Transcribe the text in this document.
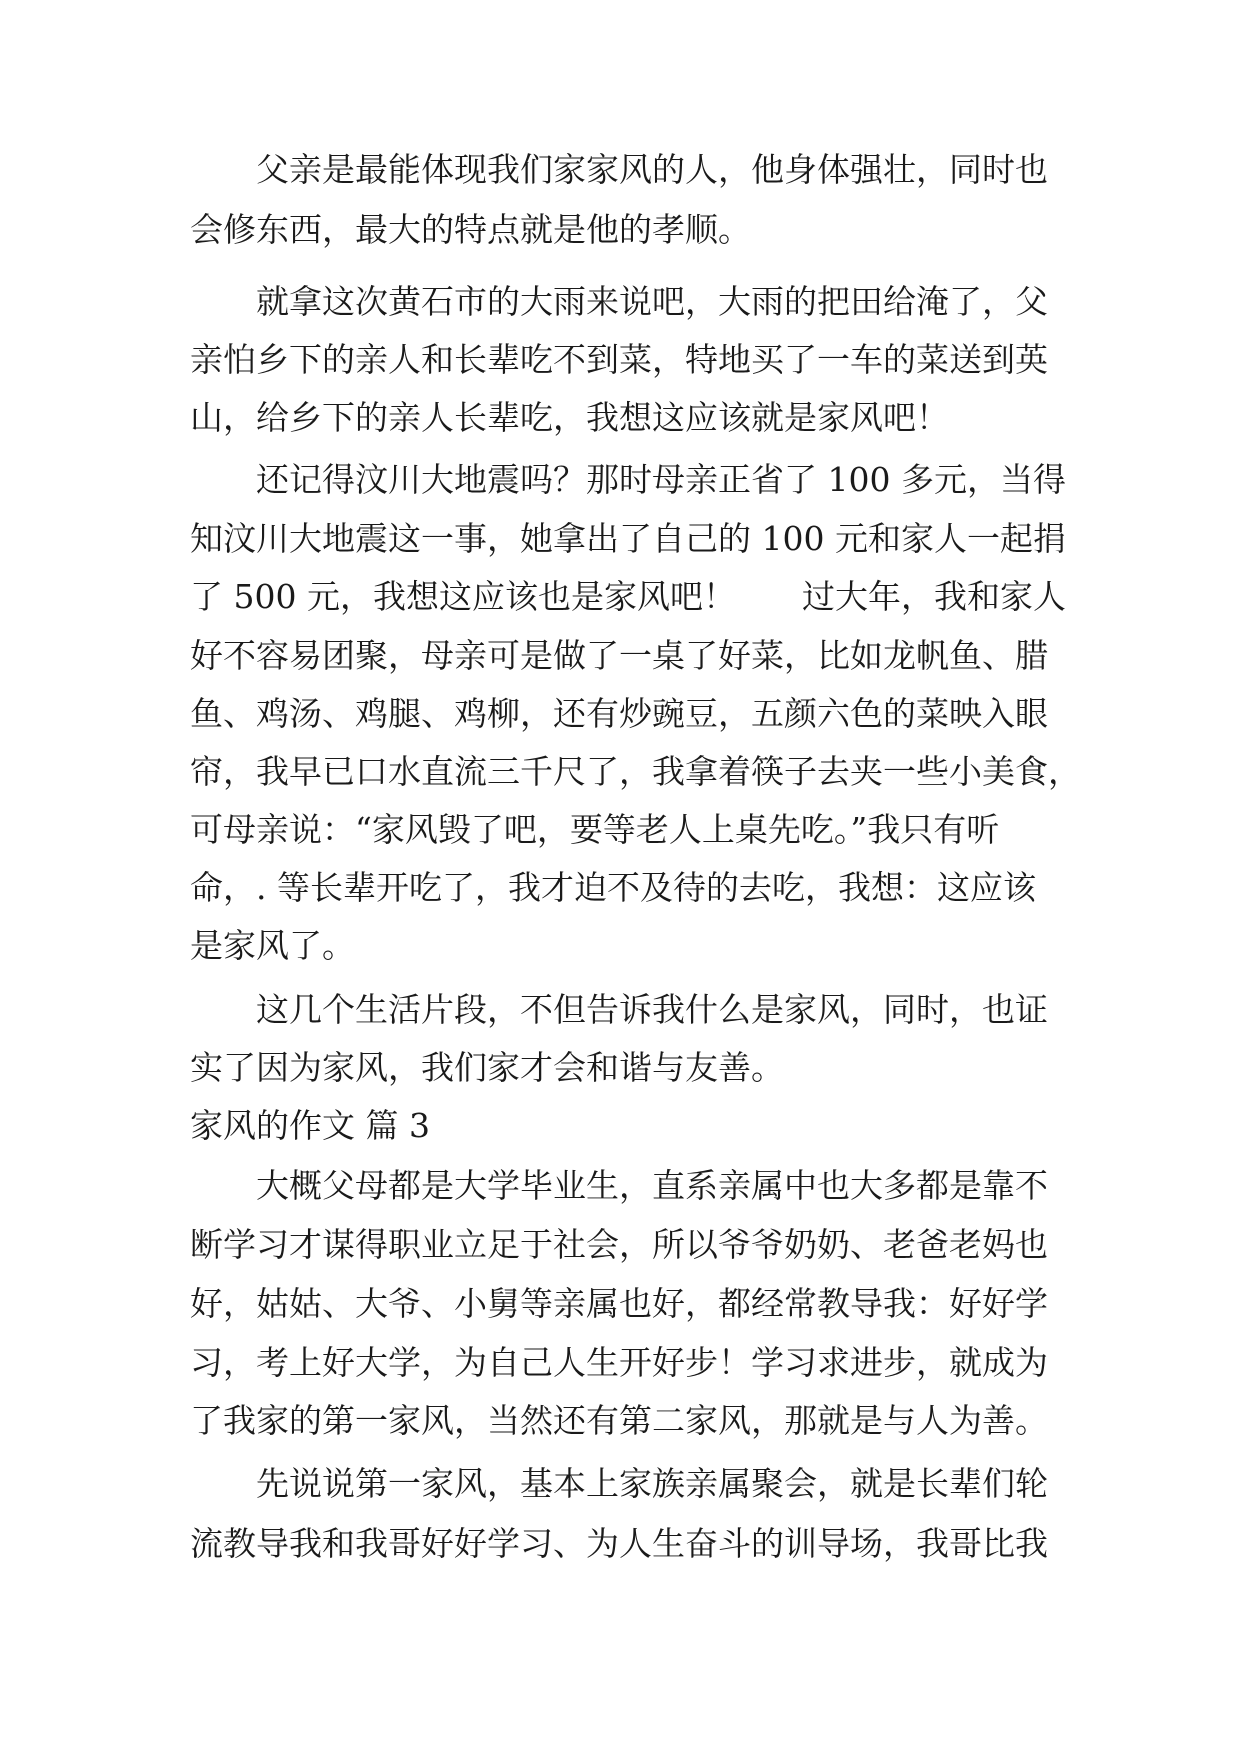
父亲是最能体现我们家家风的人，他身体强壮，同时也
会修东西，最大的特点就是他的孝顺。
就拿这次黄石市的大雨来说吧，大雨的把田给淹了，父
亲怕乡下的亲人和长辈吃不到菜，特地买了一车的菜送到英
山，给乡下的亲人长辈吃，我想这应该就是家风吧！
还记得汶川大地震吗？那时母亲正省了 100 多元，当得
知汶川大地震这一事，她拿出了自己的 100 元和家人一起捐
了 500 元，我想这应该也是家风吧！　　过大年，我和家人
好不容易团聚，母亲可是做了一桌了好菜，比如龙帆鱼、腊
鱼、鸡汤、鸡腿、鸡柳，还有炒豌豆，五颜六色的菜映入眼
帘，我早已口水直流三千尺了，我拿着筷子去夹一些小美食，
可母亲说：“家风毁了吧，要等老人上桌先吃。”我只有听
命，. 等长辈开吃了，我才迫不及待的去吃，我想：这应该
是家风了。
这几个生活片段，不但告诉我什么是家风，同时，也证
实了因为家风，我们家才会和谐与友善。
家风的作文 篇 3
大概父母都是大学毕业生，直系亲属中也大多都是靠不
断学习才谋得职业立足于社会，所以爷爷奶奶、老爸老妈也
好，姑姑、大爷、小舅等亲属也好，都经常教导我：好好学
习，考上好大学，为自己人生开好步！学习求进步，就成为
了我家的第一家风，当然还有第二家风，那就是与人为善。
先说说第一家风，基本上家族亲属聚会，就是长辈们轮
流教导我和我哥好好学习、为人生奋斗的训导场，我哥比我
